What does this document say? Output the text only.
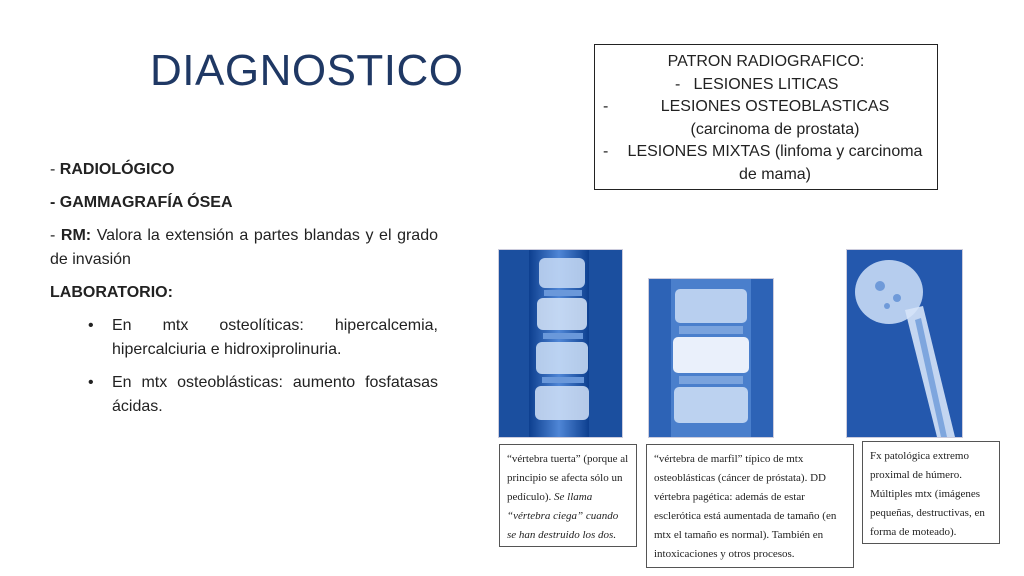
DIAGNOSTICO

- RADIOLÓGICO

- GAMMAGRAFÍA ÓSEA

- RM: Valora la extensión a partes blandas y el grado de invasión

LABORATORIO:

• En mtx osteolíticas: hipercalcemia, hipercalciuria e hidroxiprolinuria.
• En mtx osteoblásticas: aumento fosfatasas ácidas.
PATRON RADIOGRAFICO:
- LESIONES LITICAS
-	LESIONES OSTEOBLASTICAS (carcinoma de prostata)
- LESIONES MIXTAS (linfoma y carcinoma de mama)
“vértebra tuerta” (porque al principio se afecta sólo un pedículo). Se llama “vértebra ciega” cuando se han destruido los dos.
“vértebra de marfil” típico de mtx osteoblásticas (cáncer de próstata). DD vértebra pagética: además de estar esclerótica está aumentada de tamaño (en mtx el tamaño es normal). También en intoxicaciones y otros procesos.
Fx patológica extremo proximal de húmero. Múltiples mtx (imágenes pequeñas, destructivas, en forma de moteado).
